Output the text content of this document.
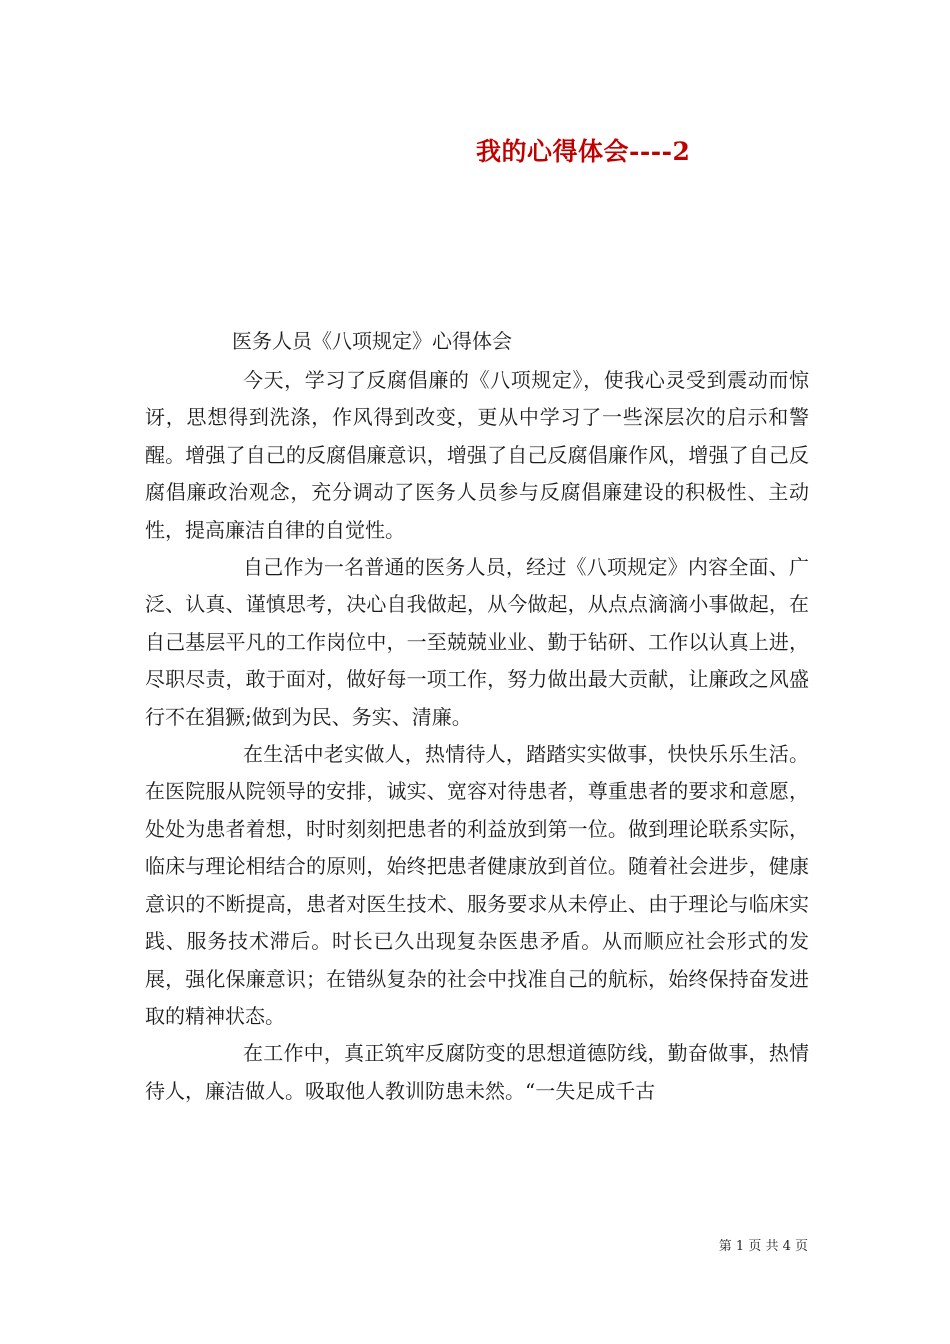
我的心得体会----2
医务人员《八项规定》心得体会

今天，学习了反腐倡廉的《八项规定》，使我心灵受到震动而惊讶，思想得到洗涤，作风得到改变，更从中学习了一些深层次的启示和警醒。增强了自己的反腐倡廉意识，增强了自己反腐倡廉作风，增强了自己反腐倡廉政治观念，充分调动了医务人员参与反腐倡廉建设的积极性、主动性，提高廉洁自律的自觉性。

自己作为一名普通的医务人员，经过《八项规定》内容全面、广泛、认真、谨慎思考，决心自我做起，从今做起，从点点滴滴小事做起，在自己基层平凡的工作岗位中，一至兢兢业业、勤于钻研、工作以认真上进，尽职尽责，敢于面对，做好每一项工作，努力做出最大贡献，让廉政之风盛行不在猖獗;做到为民、务实、清廉。

在生活中老实做人，热情待人，踏踏实实做事，快快乐乐生活。在医院服从院领导的安排，诚实、宽容对待患者，尊重患者的要求和意愿，处处为患者着想，时时刻刻把患者的利益放到第一位。做到理论联系实际，临床与理论相结合的原则，始终把患者健康放到首位。随着社会进步，健康意识的不断提高，患者对医生技术、服务要求从未停止、由于理论与临床实践、服务技术滞后。时长已久出现复杂医患矛盾。从而顺应社会形式的发展，强化保廉意识；在错纵复杂的社会中找准自己的航标，始终保持奋发进取的精神状态。

在工作中，真正筑牢反腐防变的思想道德防线，勤奋做事，热情待人，廉洁做人。吸取他人教训防患未然。“一失足成千古

第 1 页 共 4 页
